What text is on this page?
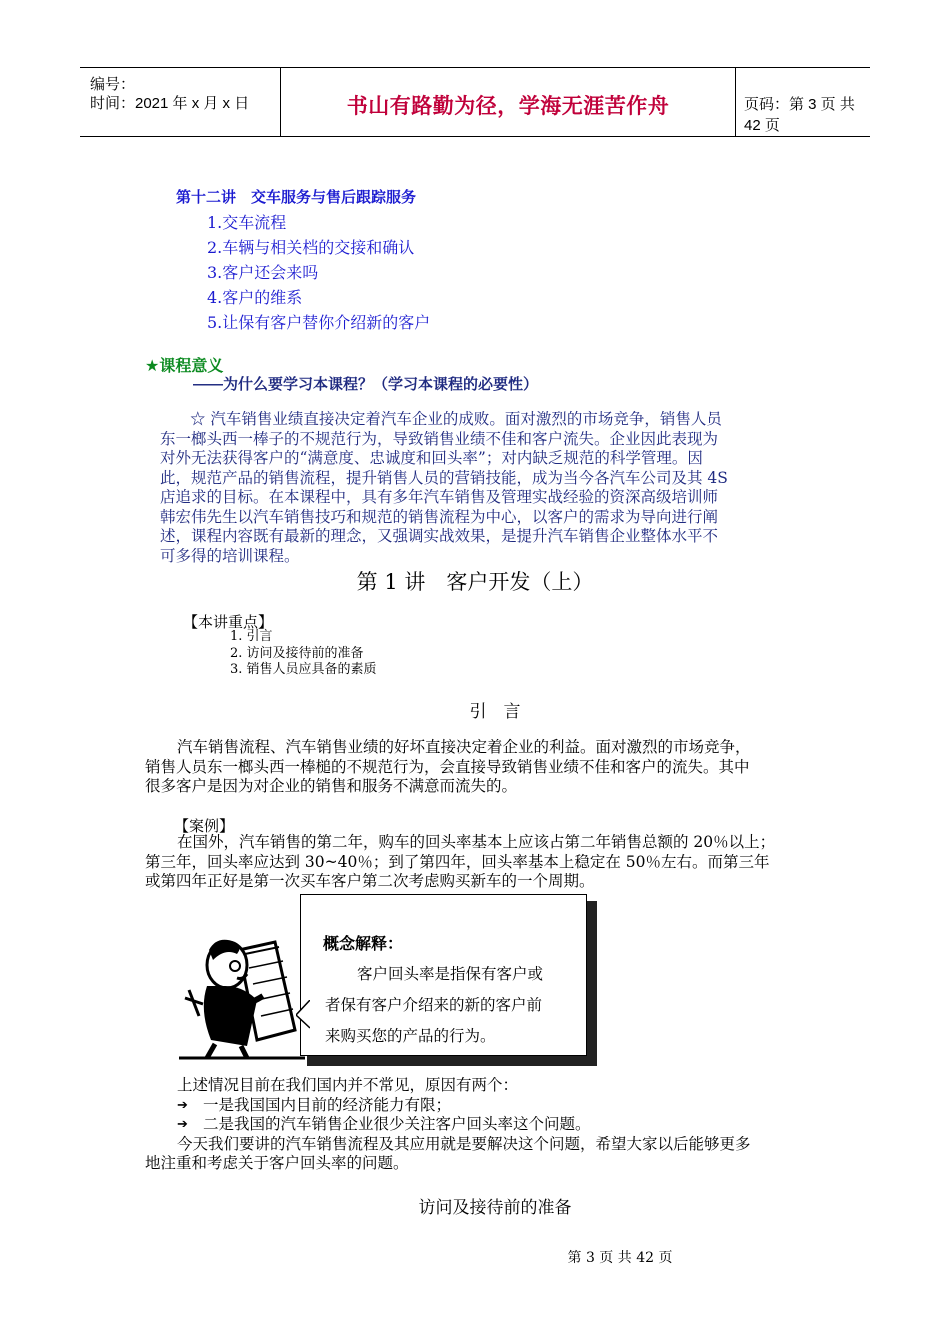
编号：
时间：2021 年 x 月 x 日	书山有路勤为径，学海无涯苦作舟	页码：第 3 页 共 42 页
第十二讲　交车服务与售后跟踪服务
1.交车流程
2.车辆与相关档的交接和确认
3.客户还会来吗
4.客户的维系
5.让保有客户替你介绍新的客户
★课程意义
——为什么要学习本课程？（学习本课程的必要性）
☆ 汽车销售业绩直接决定着汽车企业的成败。面对激烈的市场竞争，销售人员
东一榔头西一棒子的不规范行为，导致销售业绩不佳和客户流失。企业因此表现为
对外无法获得客户的“满意度、忠诚度和回头率”；对内缺乏规范的科学管理。因
此，规范产品的销售流程，提升销售人员的营销技能，成为当今各汽车公司及其 4S
店追求的目标。在本课程中，具有多年汽车销售及管理实战经验的资深高级培训师
韩宏伟先生以汽车销售技巧和规范的销售流程为中心，以客户的需求为导向进行阐
述，课程内容既有最新的理念，又强调实战效果，是提升汽车销售企业整体水平不
可多得的培训课程。
第 1 讲　客户开发（上）
【本讲重点】
1. 引言
2. 访问及接待前的准备
3. 销售人员应具备的素质
引　言
汽车销售流程、汽车销售业绩的好坏直接决定着企业的利益。面对激烈的市场竞争，
销售人员东一榔头西一棒槌的不规范行为，会直接导致销售业绩不佳和客户的流失。其中
很多客户是因为对企业的销售和服务不满意而流失的。
【案例】
在国外，汽车销售的第二年，购车的回头率基本上应该占第二年销售总额的 20％以上；
第三年，回头率应达到 30~40％；到了第四年，回头率基本上稳定在 50％左右。而第三年
或第四年正好是第一次买车客户第二次考虑购买新车的一个周期。
概念解释：
客户回头率是指保有客户或
者保有客户介绍来的新的客户前
来购买您的产品的行为。
上述情况目前在我们国内并不常见，原因有两个：
➔ 一是我国国内目前的经济能力有限；
➔ 二是我国的汽车销售企业很少关注客户回头率这个问题。
今天我们要讲的汽车销售流程及其应用就是要解决这个问题，希望大家以后能够更多
地注重和考虑关于客户回头率的问题。
访问及接待前的准备
第 3 页 共 42 页
